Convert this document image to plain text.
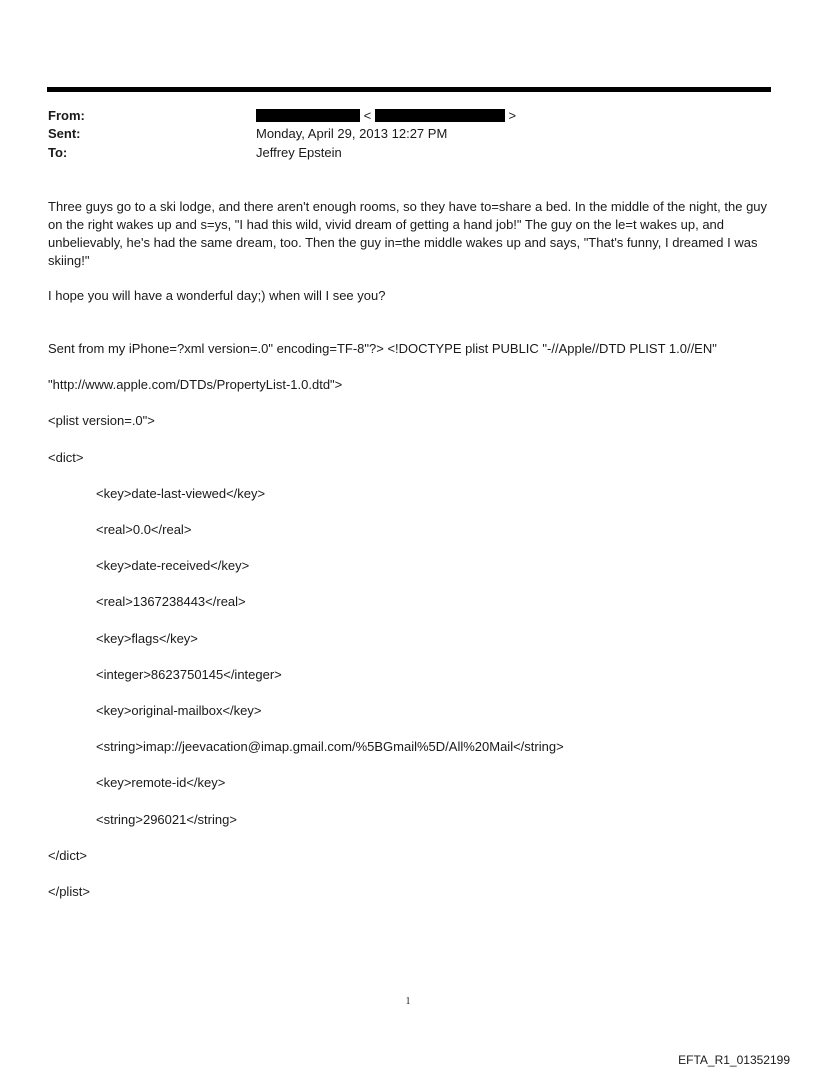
From:	<	>
Sent:	Monday, April 29, 2013 12:27 PM
To:	Jeffrey Epstein

Three guys go to a ski lodge, and there aren't enough rooms, so they have to=share a bed. In the middle of the night, the guy on the right wakes up and s=ys, "I had this wild, vivid dream of getting a hand job!" The guy on the le=t wakes up, and unbelievably, he's had the same dream, too. Then the guy in=the middle wakes up and says, "That's funny, I dreamed I was skiing!"

I hope you will have a wonderful day;) when will I see you?

Sent from my iPhone=?xml version=.0" encoding=TF-8"?> <!DOCTYPE plist PUBLIC "-//Apple//DTD PLIST 1.0//EN"

"http://www.apple.com/DTDs/PropertyList-1.0.dtd">

<plist version=.0">

<dict>

<key>date-last-viewed</key>

<real>0.0</real>

<key>date-received</key>

<real>1367238443</real>

<key>flags</key>

<integer>8623750145</integer>

<key>original-mailbox</key>

<string>imap://jeevacation@imap.gmail.com/%5BGmail%5D/All%20Mail</string>

<key>remote-id</key>

<string>296021</string>

</dict>

</plist>

1
EFTA_R1_01352199
